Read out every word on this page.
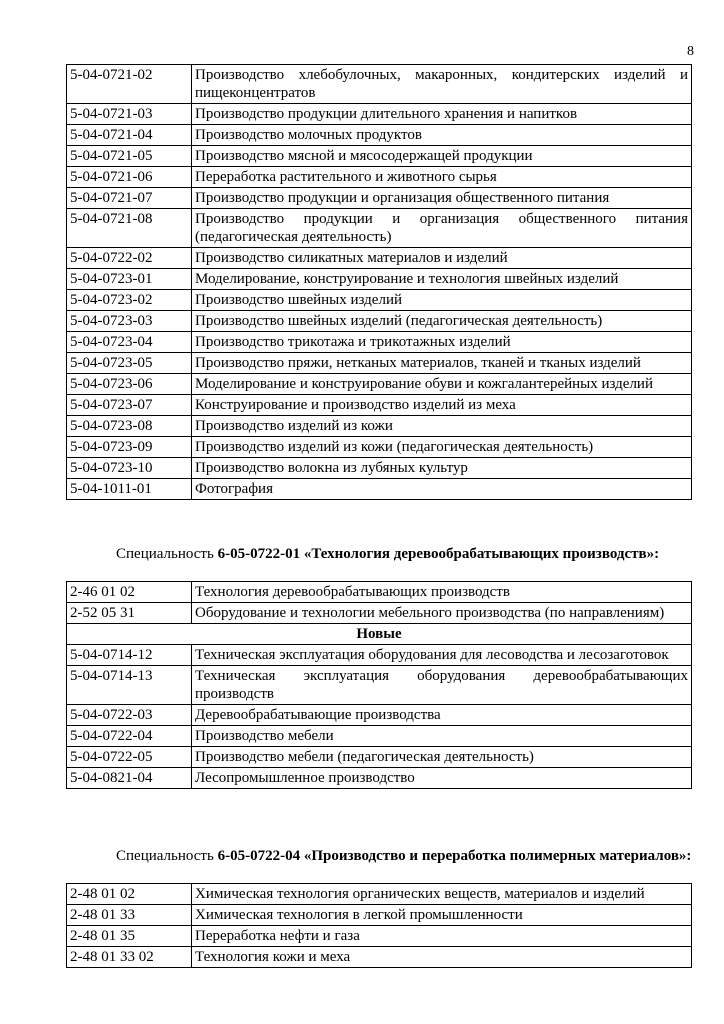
8
5-04-0721-02	Производство хлебобулочных, макаронных, кондитерских изделий и пищеконцентратов
5-04-0721-03	Производство продукции длительного хранения и напитков
5-04-0721-04	Производство молочных продуктов
5-04-0721-05	Производство мясной и мясосодержащей продукции
5-04-0721-06	Переработка растительного и животного сырья
5-04-0721-07	Производство продукции и организация общественного питания
5-04-0721-08	Производство продукции и организация общественного питания (педагогическая деятельность)
5-04-0722-02	Производство силикатных материалов и изделий
5-04-0723-01	Моделирование, конструирование и технология швейных изделий
5-04-0723-02	Производство швейных изделий
5-04-0723-03	Производство швейных изделий (педагогическая деятельность)
5-04-0723-04	Производство трикотажа и трикотажных изделий
5-04-0723-05	Производство пряжи, нетканых материалов, тканей и тканых изделий
5-04-0723-06	Моделирование и конструирование обуви и кожгалантерейных изделий
5-04-0723-07	Конструирование и производство изделий из меха
5-04-0723-08	Производство изделий из кожи
5-04-0723-09	Производство изделий из кожи (педагогическая деятельность)
5-04-0723-10	Производство волокна из лубяных культур
5-04-1011-01	Фотография

Специальность 6-05-0722-01 «Технология деревообрабатывающих производств»:

2-46 01 02	Технология деревообрабатывающих производств
2-52 05 31	Оборудование и технологии мебельного производства (по направлениям)
Новые	
5-04-0714-12	Техническая эксплуатация оборудования для лесоводства и лесозаготовок
5-04-0714-13	Техническая эксплуатация оборудования деревообрабатывающих производств
5-04-0722-03	Деревообрабатывающие производства
5-04-0722-04	Производство мебели
5-04-0722-05	Производство мебели (педагогическая деятельность)
5-04-0821-04	Лесопромышленное производство

Специальность 6-05-0722-04 «Производство и переработка полимерных материалов»:

2-48 01 02	Химическая технология органических веществ, материалов и изделий
2-48 01 33	Химическая технология в легкой промышленности
2-48 01 35	Переработка нефти и газа
2-48 01 33 02	Технология кожи и меха
